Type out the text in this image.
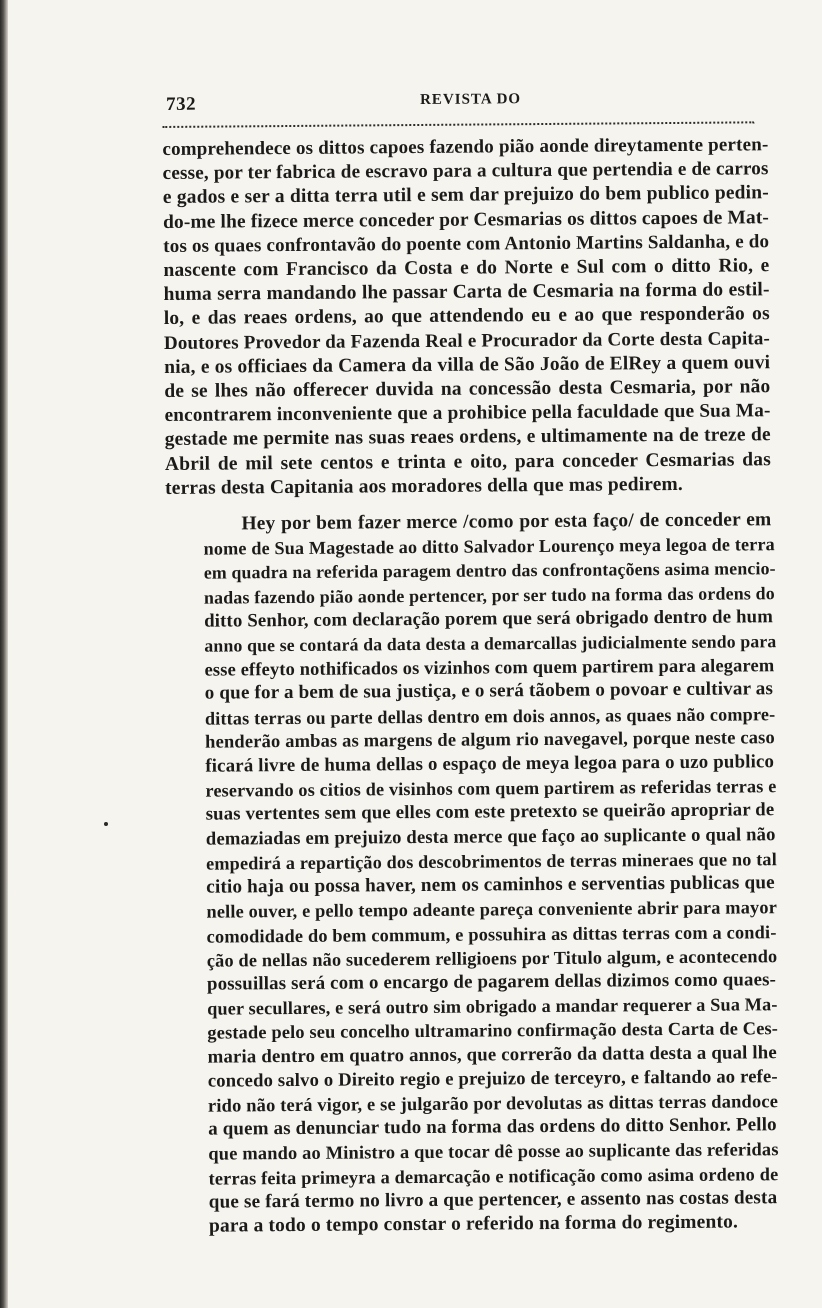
732	REVISTA DO

comprehendece os dittos capoes fazendo pião aonde direytamente perten-
cesse, por ter fabrica de escravo para a cultura que pertendia e de carros
e gados e ser a ditta terra util e sem dar prejuizo do bem publico pedin-
do-me lhe fizece merce conceder por Cesmarias os dittos capoes de Mat-
tos os quaes confrontavão do poente com Antonio Martins Saldanha, e do
nascente com Francisco da Costa e do Norte e Sul com o ditto Rio, e
huma serra mandando lhe passar Carta de Cesmaria na forma do estil-
lo, e das reaes ordens, ao que attendendo eu e ao que responderão os
Doutores Provedor da Fazenda Real e Procurador da Corte desta Capita-
nia, e os officiaes da Camera da villa de São João de ElRey a quem ouvi
de se lhes não offerecer duvida na concessão desta Cesmaria, por não
encontrarem inconveniente que a prohibice pella faculdade que Sua Ma-
gestade me permite nas suas reaes ordens, e ultimamente na de treze de
Abril de mil sete centos e trinta e oito, para conceder Cesmarias das
terras desta Capitania aos moradores della que mas pedirem.

Hey por bem fazer merce /como por esta faço/ de conceder em
nome de Sua Magestade ao ditto Salvador Lourenço meya legoa de terra
em quadra na referida paragem dentro das confrontaçõens asima mencio-
nadas fazendo pião aonde pertencer, por ser tudo na forma das ordens do
ditto Senhor, com declaração porem que será obrigado dentro de hum
anno que se contará da data desta a demarcallas judicialmente sendo para
esse effeyto nothificados os vizinhos com quem partirem para alegarem
o que for a bem de sua justiça, e o será tãobem o povoar e cultivar as
dittas terras ou parte dellas dentro em dois annos, as quaes não compre-
henderão ambas as margens de algum rio navegavel, porque neste caso
ficará livre de huma dellas o espaço de meya legoa para o uzo publico
reservando os citios de visinhos com quem partirem as referidas terras e
suas vertentes sem que elles com este pretexto se queirão apropriar de
demaziadas em prejuizo desta merce que faço ao suplicante o qual não
empedirá a repartição dos descobrimentos de terras mineraes que no tal
citio haja ou possa haver, nem os caminhos e serventias publicas que
nelle ouver, e pello tempo adeante pareça conveniente abrir para mayor
comodidade do bem commum, e possuhira as dittas terras com a condi-
ção de nellas não sucederem relligioens por Titulo algum, e acontecendo
possuillas será com o encargo de pagarem dellas dizimos como quaes-
quer secullares, e será outro sim obrigado a mandar requerer a Sua Ma-
gestade pelo seu concelho ultramarino confirmação desta Carta de Ces-
maria dentro em quatro annos, que correrão da datta desta a qual lhe
concedo salvo o Direito regio e prejuizo de terceyro, e faltando ao refe-
rido não terá vigor, e se julgarão por devolutas as dittas terras dandoce
a quem as denunciar tudo na forma das ordens do ditto Senhor. Pello
que mando ao Ministro a que tocar dê posse ao suplicante das referidas
terras feita primeyra a demarcação e notificação como asima ordeno de
que se fará termo no livro a que pertencer, e assento nas costas desta
para a todo o tempo constar o referido na forma do regimento.
